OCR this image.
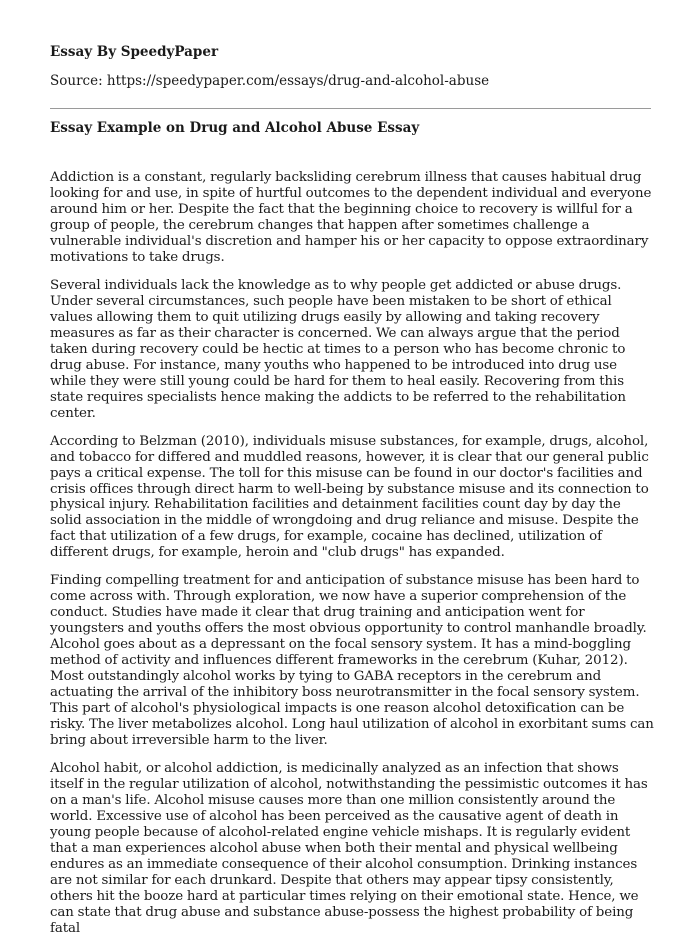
Essay By SpeedyPaper

Source: https://speedypaper.com/essays/drug-and-alcohol-abuse

Essay Example on Drug and Alcohol Abuse Essay

Addiction is a constant, regularly backsliding cerebrum illness that causes habitual drug looking for and use, in spite of hurtful outcomes to the dependent individual and everyone around him or her. Despite the fact that the beginning choice to recovery is willful for a group of people, the cerebrum changes that happen after sometimes challenge a vulnerable individual's discretion and hamper his or her capacity to oppose extraordinary motivations to take drugs.

Several individuals lack the knowledge as to why people get addicted or abuse drugs. Under several circumstances, such people have been mistaken to be short of ethical values allowing them to quit utilizing drugs easily by allowing and taking recovery measures as far as their character is concerned. We can always argue that the period taken during recovery could be hectic at times to a person who has become chronic to drug abuse. For instance, many youths who happened to be introduced into drug use while they were still young could be hard for them to heal easily. Recovering from this state requires specialists hence making the addicts to be referred to the rehabilitation center.

According to Belzman (2010), individuals misuse substances, for example, drugs, alcohol, and tobacco for differed and muddled reasons, however, it is clear that our general public pays a critical expense. The toll for this misuse can be found in our doctor's facilities and crisis offices through direct harm to well-being by substance misuse and its connection to physical injury. Rehabilitation facilities and detainment facilities count day by day the solid association in the middle of wrongdoing and drug reliance and misuse. Despite the fact that utilization of a few drugs, for example, cocaine has declined, utilization of different drugs, for example, heroin and "club drugs" has expanded.

Finding compelling treatment for and anticipation of substance misuse has been hard to come across with. Through exploration, we now have a superior comprehension of the conduct. Studies have made it clear that drug training and anticipation went for youngsters and youths offers the most obvious opportunity to control manhandle broadly. Alcohol goes about as a depressant on the focal sensory system. It has a mind-boggling method of activity and influences different frameworks in the cerebrum (Kuhar, 2012). Most outstandingly alcohol works by tying to GABA receptors in the cerebrum and actuating the arrival of the inhibitory boss neurotransmitter in the focal sensory system. This part of alcohol's physiological impacts is one reason alcohol detoxification can be risky. The liver metabolizes alcohol. Long haul utilization of alcohol in exorbitant sums can bring about irreversible harm to the liver.

Alcohol habit, or alcohol addiction, is medicinally analyzed as an infection that shows itself in the regular utilization of alcohol, notwithstanding the pessimistic outcomes it has on a man's life. Alcohol misuse causes more than one million consistently around the world. Excessive use of alcohol has been perceived as the causative agent of death in young people because of alcohol-related engine vehicle mishaps. It is regularly evident that a man experiences alcohol abuse when both their mental and physical wellbeing endures as an immediate consequence of their alcohol consumption. Drinking instances are not similar for each drunkard. Despite that others may appear tipsy consistently, others hit the booze hard at particular times relying on their emotional state. Hence, we can state that drug abuse and substance abuse-possess the highest probability of being fatal
